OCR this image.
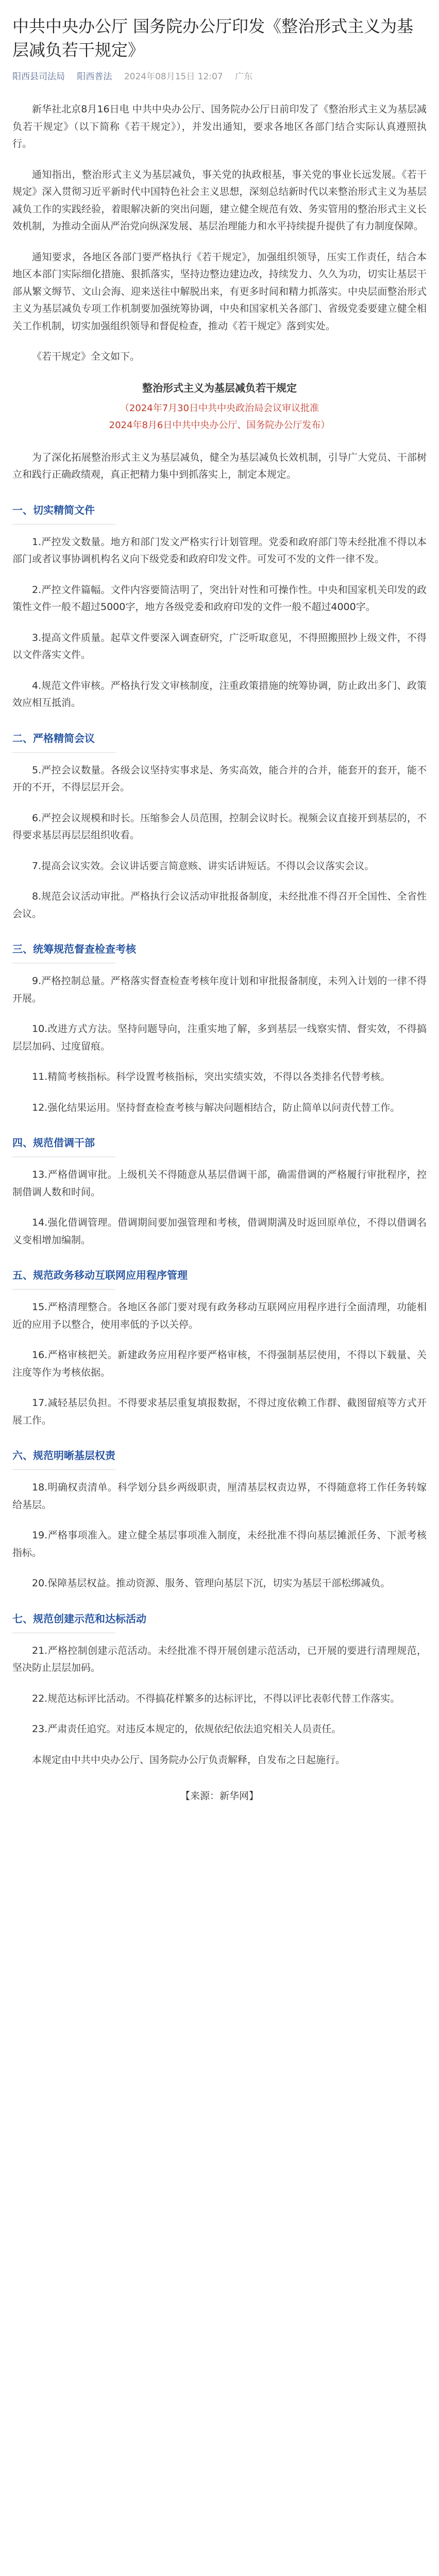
中共中央办公厅 国务院办公厅印发《整治形式主义为基层减负若干规定》
阳西县司法局 阳西普法 2024年08月15日 12:07 广东

新华社北京8月16日电 中共中央办公厅、国务院办公厅日前印发了《整治形式主义为基层减负若干规定》（以下简称《若干规定》），并发出通知，要求各地区各部门结合实际认真遵照执行。

通知指出，整治形式主义为基层减负，事关党的执政根基，事关党的事业长远发展。《若干规定》深入贯彻习近平新时代中国特色社会主义思想，深刻总结新时代以来整治形式主义为基层减负工作的实践经验，着眼解决新的突出问题，建立健全规范有效、务实管用的整治形式主义长效机制，为推动全面从严治党向纵深发展、基层治理能力和水平持续提升提供了有力制度保障。

通知要求，各地区各部门要严格执行《若干规定》，加强组织领导，压实工作责任，结合本地区本部门实际细化措施、狠抓落实，坚持边整边建边改，持续发力、久久为功，切实让基层干部从繁文缛节、文山会海、迎来送往中解脱出来，有更多时间和精力抓落实。中央层面整治形式主义为基层减负专项工作机制要加强统筹协调，中央和国家机关各部门、省级党委要建立健全相关工作机制，切实加强组织领导和督促检查，推动《若干规定》落到实处。

《若干规定》全文如下。

整治形式主义为基层减负若干规定

（2024年7月30日中共中央政治局会议审议批准

2024年8月6日中共中央办公厅、国务院办公厅发布）

为了深化拓展整治形式主义为基层减负，健全为基层减负长效机制，引导广大党员、干部树立和践行正确政绩观，真正把精力集中到抓落实上，制定本规定。

一、切实精简文件

1.严控发文数量。地方和部门发文严格实行计划管理。党委和政府部门等未经批准不得以本部门或者议事协调机构名义向下级党委和政府印发文件。可发可不发的文件一律不发。

2.严控文件篇幅。文件内容要简洁明了，突出针对性和可操作性。中央和国家机关印发的政策性文件一般不超过5000字，地方各级党委和政府印发的文件一般不超过4000字。

3.提高文件质量。起草文件要深入调查研究，广泛听取意见，不得照搬照抄上级文件，不得以文件落实文件。

4.规范文件审核。严格执行发文审核制度，注重政策措施的统筹协调，防止政出多门、政策效应相互抵消。

二、严格精简会议

5.严控会议数量。各级会议坚持实事求是、务实高效，能合并的合并，能套开的套开，能不开的不开，不得层层开会。

6.严控会议规模和时长。压缩参会人员范围，控制会议时长。视频会议直接开到基层的，不得要求基层再层层组织收看。

7.提高会议实效。会议讲话要言简意赅、讲实话讲短话。不得以会议落实会议。

8.规范会议活动审批。严格执行会议活动审批报备制度，未经批准不得召开全国性、全省性会议。

三、统筹规范督查检查考核

9.严格控制总量。严格落实督查检查考核年度计划和审批报备制度，未列入计划的一律不得开展。

10.改进方式方法。坚持问题导向，注重实地了解，多到基层一线察实情、督实效，不得搞层层加码、过度留痕。

11.精简考核指标。科学设置考核指标，突出实绩实效，不得以各类排名代替考核。

12.强化结果运用。坚持督查检查考核与解决问题相结合，防止简单以问责代替工作。

四、规范借调干部

13.严格借调审批。上级机关不得随意从基层借调干部，确需借调的严格履行审批程序，控制借调人数和时间。

14.强化借调管理。借调期间要加强管理和考核，借调期满及时返回原单位，不得以借调名义变相增加编制。

五、规范政务移动互联网应用程序管理

15.严格清理整合。各地区各部门要对现有政务移动互联网应用程序进行全面清理，功能相近的应用予以整合，使用率低的予以关停。

16.严格审核把关。新建政务应用程序要严格审核，不得强制基层使用，不得以下载量、关注度等作为考核依据。

17.减轻基层负担。不得要求基层重复填报数据，不得过度依赖工作群、截图留痕等方式开展工作。

六、规范明晰基层权责

18.明确权责清单。科学划分县乡两级职责，厘清基层权责边界，不得随意将工作任务转嫁给基层。

19.严格事项准入。建立健全基层事项准入制度，未经批准不得向基层摊派任务、下派考核指标。

20.保障基层权益。推动资源、服务、管理向基层下沉，切实为基层干部松绑减负。

七、规范创建示范和达标活动

21.严格控制创建示范活动。未经批准不得开展创建示范活动，已开展的要进行清理规范，坚决防止层层加码。

22.规范达标评比活动。不得搞花样繁多的达标评比，不得以评比表彰代替工作落实。

23.严肃责任追究。对违反本规定的，依规依纪依法追究相关人员责任。

本规定由中共中央办公厅、国务院办公厅负责解释，自发布之日起施行。

【来源：新华网】
